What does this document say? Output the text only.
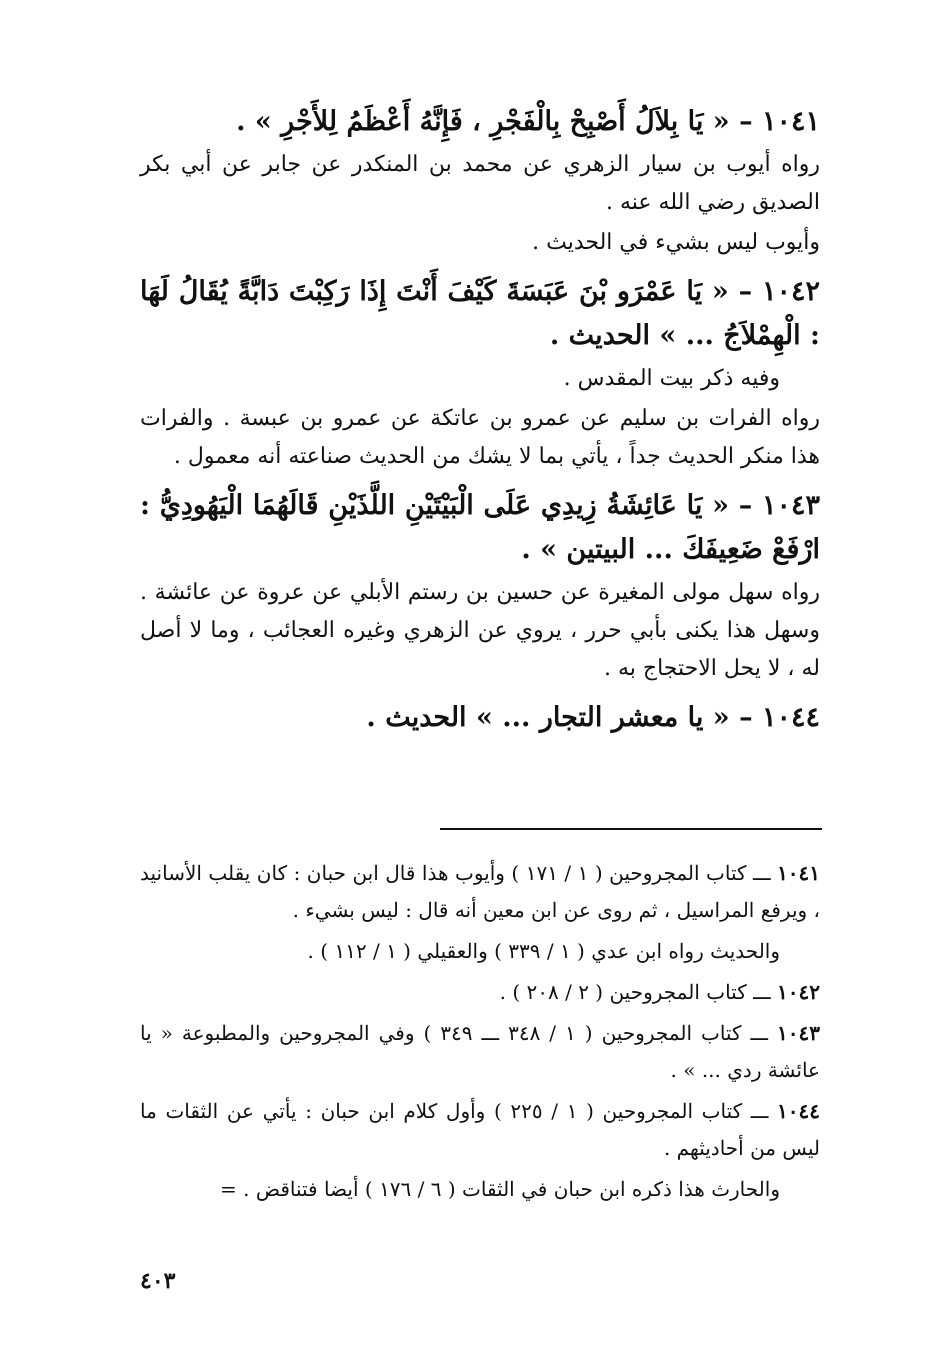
١٠٤١ – « يَا بِلاَلُ أَصْبِحْ بِالْفَجْرِ ، فَإِنَّهُ أَعْظَمُ لِلأَجْرِ » .
رواه أيوب بن سيار الزهري عن محمد بن المنكدر عن جابر عن أبي بكر الصديق رضي الله عنه .
وأيوب ليس بشيء في الحديث .
١٠٤٢ – « يَا عَمْرَو بْنَ عَبَسَةَ كَيْفَ أَنْتَ إِذَا رَكِبْتَ دَابَّةً يُقَالُ لَهَا : الْهِمْلاَجُ ... » الحديث .
وفيه ذكر بيت المقدس .
رواه الفرات بن سليم عن عمرو بن عاتكة عن عمرو بن عبسة . والفرات هذا منكر الحديث جداً ، يأتي بما لا يشك من الحديث صناعته أنه معمول .
١٠٤٣ – « يَا عَائِشَةُ زِيدِي عَلَى الْبَيْتَيْنِ اللَّذَيْنِ قَالَهُمَا الْيَهُودِيُّ : ارْفَعْ ضَعِيفَكَ ... البيتين » .
رواه سهل مولى المغيرة عن حسين بن رستم الأبلي عن عروة عن عائشة . وسهل هذا يكنى بأبي حرر ، يروي عن الزهري وغيره العجائب ، وما لا أصل له ، لا يحل الاحتجاج به .
١٠٤٤ – « يا معشر التجار ... » الحديث .
١٠٤١ ـــ كتاب المجروحين ( ١ / ١٧١ ) وأيوب هذا قال ابن حبان : كان يقلب الأسانيد ، ويرفع المراسيل ، ثم روى عن ابن معين أنه قال : ليس بشيء .
والحديث رواه ابن عدي ( ١ / ٣٣٩ ) والعقيلي ( ١ / ١١٢ ) .
١٠٤٢ ـــ كتاب المجروحين ( ٢ / ٢٠٨ ) .
١٠٤٣ ـــ كتاب المجروحين ( ١ / ٣٤٨ ـــ ٣٤٩ ) وفي المجروحين والمطبوعة « يا عائشة ردي ... » .
١٠٤٤ ـــ كتاب المجروحين ( ١ / ٢٢٥ ) وأول كلام ابن حبان : يأتي عن الثقات ما ليس من أحاديثهم .
والحارث هذا ذكره ابن حبان في الثقات ( ٦ / ١٧٦ ) أيضا فتناقض . =
٤٠٣
